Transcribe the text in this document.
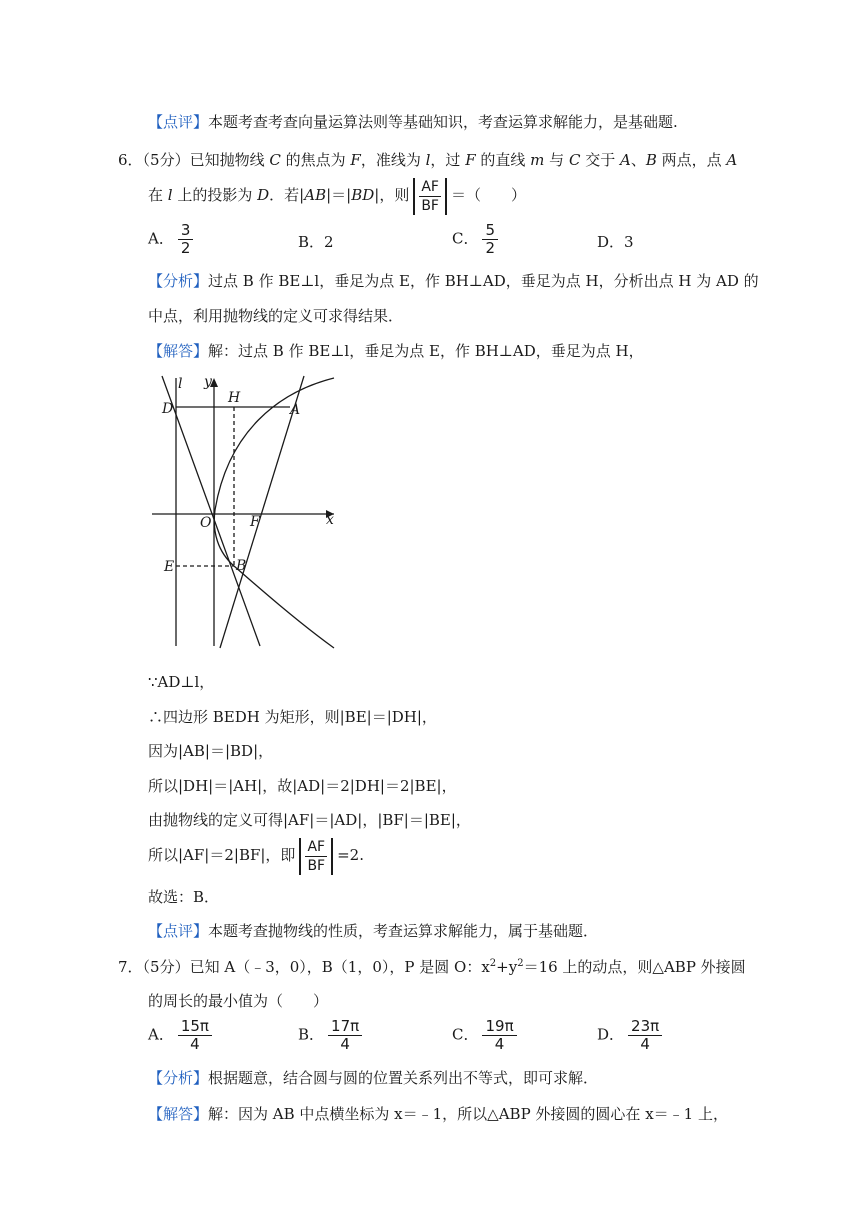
【点评】本题考查考查向量运算法则等基础知识，考查运算求解能力，是基础题.
6．（5分）已知抛物线 C 的焦点为 F，准线为 l，过 F 的直线 m 与 C 交于 A、B 两点，点 A
在 l 上的投影为 D．若|AB|＝|BD|，则 $\frac{AF}{BF}$ ＝（　　）
A． $\frac{3}{2}$	B．2	C． $\frac{5}{2}$	D．3
【分析】过点 B 作 BE⊥l，垂足为点 E，作 BH⊥AD，垂足为点 H，分析出点 H 为 AD 的
中点，利用抛物线的定义可求得结果．
【解答】解：过点 B 作 BE⊥l，垂足为点 E，作 BH⊥AD，垂足为点 H，
l y
D
H
A
O	F	x
E	B
∵AD⊥l，
∴四边形 BEDH 为矩形，则|BE|＝|DH|，
因为|AB|＝|BD|，
所以|DH|＝|AH|，故|AD|＝2|DH|＝2|BE|，
由抛物线的定义可得|AF|＝|AD|，|BF|＝|BE|，
所以|AF|＝2|BF|，即 $\frac{AF}{BF} =2$.
故选：B．
【点评】本题考查抛物线的性质，考查运算求解能力，属于基础题．
7．（5分）已知 A（﹣3，0），B（1，0），P 是圆 O：$x^2+y^2=16$ 上的动点，则△ABP 外接圆
的周长的最小值为（　　）
A． $\frac{15\pi}{4}$	B． $\frac{17\pi}{4}$	C． $\frac{19\pi}{4}$	D． $\frac{23\pi}{4}$
【分析】根据题意，结合圆与圆的位置关系列出不等式，即可求解．
【解答】解：因为 AB 中点横坐标为 x＝﹣1，所以△ABP 外接圆的圆心在 x＝﹣1 上，
